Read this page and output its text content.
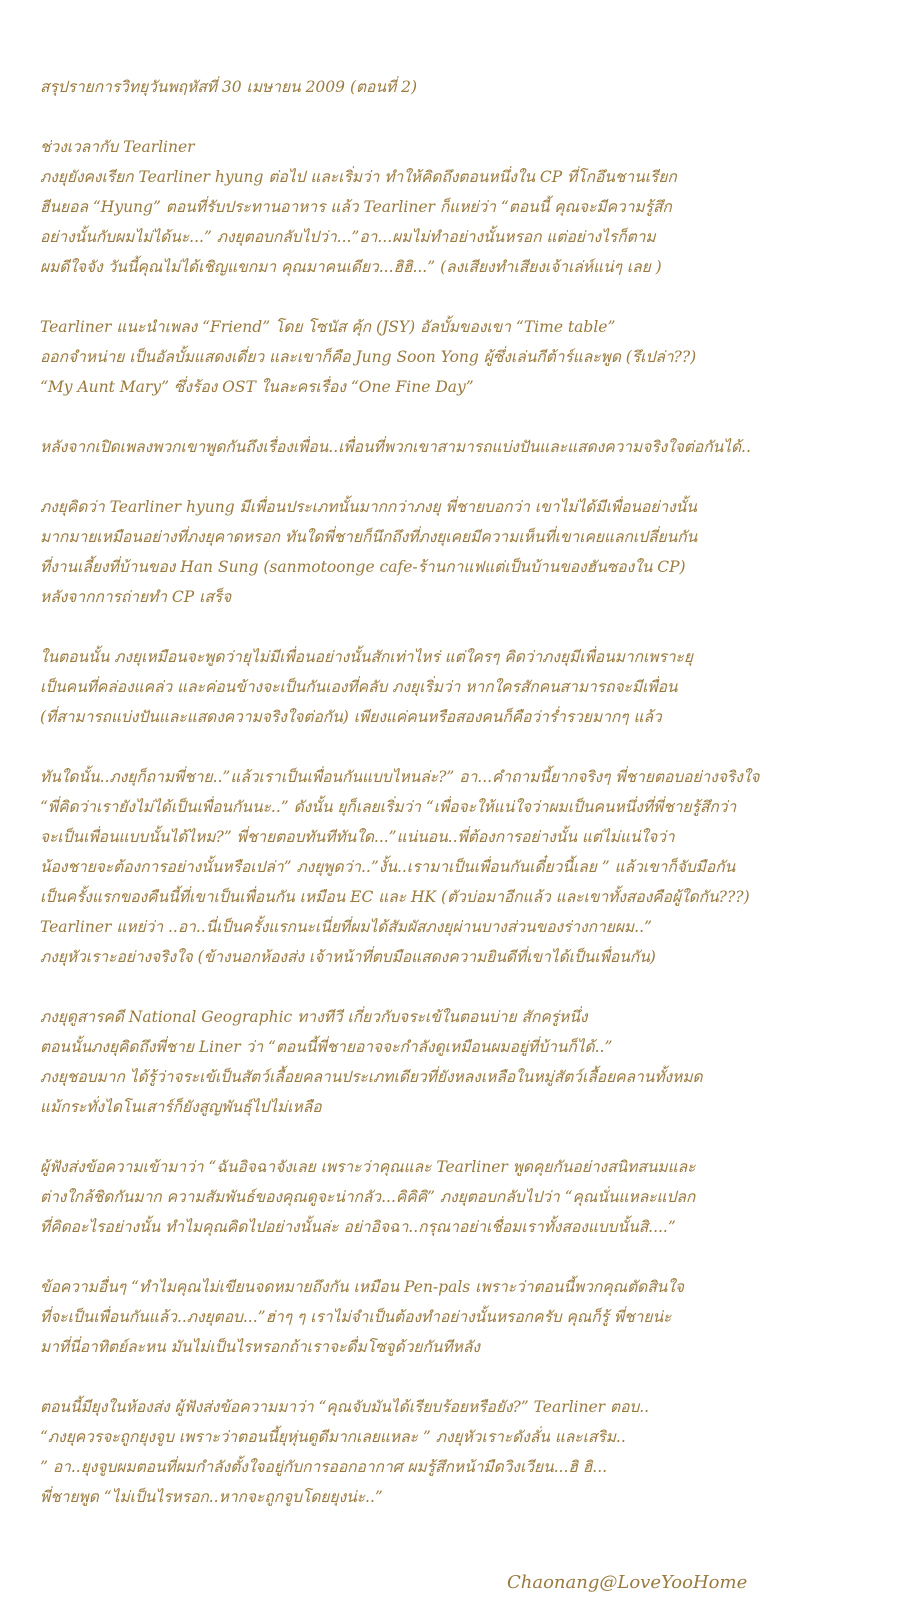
สรุปรายการวิทยุวันพฤหัสที่ 30 เมษายน 2009 (ตอนที่ 2)
ช่วงเวลากับ Tearliner
ภงยุยังคงเรียก Tearliner hyung ต่อไป และเริ่มว่า ทำให้คิดถึงตอนหนึ่งใน CP ที่โกอึนชานเรียก
ฮีนยอล “Hyung” ตอนที่รับประทานอาหาร แล้ว Tearliner ก็แหย่ว่า “ตอนนี้ คุณจะมีความรู้สึก
อย่างนั้นกับผมไม่ได้นะ...” ภงยุตอบกลับไปว่า...”อา...ผมไม่ทำอย่างนั้นหรอก แต่อย่างไรก็ตาม
ผมดีใจจัง วันนี้คุณไม่ได้เชิญแขกมา คุณมาคนเดียว...ฮิฮิ...” (ลงเสียงทำเสียงเจ้าเล่ห์แน่ๆ เลย )
Tearliner แนะนำเพลง “Friend” โดย โซนัส คุ้ก (JSY) อัลบั้มของเขา “Time table”
ออกจำหน่าย เป็นอัลบั้มแสดงเดี่ยว และเขาก็คือ Jung Soon Yong ผู้ซึ่งเล่นกีต้าร์และพูด (รึเปล่า??)
“My Aunt Mary” ซึ่งร้อง OST ในละครเรื่อง “One Fine Day”
หลังจากเปิดเพลงพวกเขาพูดกันถึงเรื่องเพื่อน..เพื่อนที่พวกเขาสามารถแบ่งปันและแสดงความจริงใจต่อกันได้..
ภงยุคิดว่า Tearliner hyung มีเพื่อนประเภทนั้นมากกว่าภงยุ พี่ชายบอกว่า เขาไม่ได้มีเพื่อนอย่างนั้น
มากมายเหมือนอย่างที่ภงยุคาดหรอก ทันใดพี่ชายก็นึกถึงที่ภงยุเคยมีความเห็นที่เขาเคยแลกเปลี่ยนกัน
ที่งานเลี้ยงที่บ้านของ Han Sung (sanmotoonge cafe-ร้านกาแฟแต่เป็นบ้านของฮันซองใน CP)
หลังจากการถ่ายทำ CP เสร็จ
ในตอนนั้น ภงยุเหมือนจะพูดว่ายุไม่มีเพื่อนอย่างนั้นสักเท่าไหร่ แต่ใครๆ คิดว่าภงยุมีเพื่อนมากเพราะยุ
เป็นคนที่คล่องแคล่ว และค่อนข้างจะเป็นกันเองที่คลับ ภงยุเริ่มว่า หากใครสักคนสามารถจะมีเพื่อน
(ที่สามารถแบ่งปันและแสดงความจริงใจต่อกัน) เพียงแค่คนหรือสองคนก็คือว่าร่ำรวยมากๆ แล้ว
ทันใดนั้น..ภงยุก็ถามพี่ชาย..”แล้วเราเป็นเพื่อนกันแบบไหนล่ะ?” อา...คำถามนี้ยากจริงๆ พี่ชายตอบอย่างจริงใจ
“พี่คิดว่าเรายังไม่ได้เป็นเพื่อนกันนะ..” ดังนั้น ยุก็เลยเริ่มว่า “เพื่อจะให้แน่ใจว่าผมเป็นคนหนึ่งที่พี่ชายรู้สึกว่า
จะเป็นเพื่อนแบบนั้นได้ไหม?” พี่ชายตอบทันทีทันใด...”แน่นอน..พี่ต้องการอย่างนั้น แต่ไม่แน่ใจว่า
น้องชายจะต้องการอย่างนั้นหรือเปล่า” ภงยุพูดว่า..”งั้น..เรามาเป็นเพื่อนกันเดี๋ยวนี้เลย ” แล้วเขาก็จับมือกัน
เป็นครั้งแรกของคืนนี้ที่เขาเป็นเพื่อนกัน เหมือน EC และ HK (ตัวบ่อมาอีกแล้ว และเขาทั้งสองคือผู้ใดกัน???)
Tearliner แหย่ว่า ..อา..นี่เป็นครั้งแรกนะเนี่ยที่ผมได้สัมผัสภงยุผ่านบางส่วนของร่างกายผม..”
ภงยุหัวเราะอย่างจริงใจ (ข้างนอกห้องส่ง เจ้าหน้าที่ตบมือแสดงความยินดีที่เขาได้เป็นเพื่อนกัน)
ภงยุดูสารคดี National Geographic ทางทีวี เกี่ยวกับจระเข้ในตอนบ่าย สักครู่หนึ่ง
ตอนนั้นภงยุคิดถึงพี่ชาย Liner ว่า “ตอนนี้พี่ชายอาจจะกำลังดูเหมือนผมอยู่ที่บ้านก็ได้..”
ภงยุชอบมาก ได้รู้ว่าจระเข้เป็นสัตว์เลื้อยคลานประเภทเดียวที่ยังหลงเหลือในหมู่สัตว์เลื้อยคลานทั้งหมด
แม้กระทั่งไดโนเสาร์ก็ยังสูญพันธุ์ไปไม่เหลือ
ผู้ฟังส่งข้อความเข้ามาว่า “ฉันอิจฉาจังเลย เพราะว่าคุณและ Tearliner พูดคุยกันอย่างสนิทสนมและ
ต่างใกล้ชิดกันมาก ความสัมพันธ์ของคุณดูจะน่ากลัว...คิคิคิ” ภงยุตอบกลับไปว่า “คุณนั่นแหละแปลก
ที่คิดอะไรอย่างนั้น ทำไมคุณคิดไปอย่างนั้นล่ะ อย่าอิจฉา..กรุณาอย่าเชื่อมเราทั้งสองแบบนั้นสิ....”
ข้อความอื่นๆ “ทำไมคุณไม่เขียนจดหมายถึงกัน เหมือน Pen-pals เพราะว่าตอนนี้พวกคุณตัดสินใจ
ที่จะเป็นเพื่อนกันแล้ว..ภงยุตอบ...”ฮ่าๆ ๆ เราไม่จำเป็นต้องทำอย่างนั้นหรอกครับ คุณก็รู้ พี่ชายน่ะ
มาที่นี่อาทิตย์ละหน มันไม่เป็นไรหรอกถ้าเราจะดื่มโซจูด้วยกันทีหลัง
ตอนนี้มียุงในห้องส่ง ผู้ฟังส่งข้อความมาว่า “คุณจับมันได้เรียบร้อยหรือยัง?” Tearliner ตอบ..
“ภงยุควรจะถูกยุงจูบ เพราะว่าตอนนี้ยุหุ่นดูดีมากเลยแหละ ” ภงยุหัวเราะดังลั่น และเสริม..
” อา..ยุงจูบผมตอนที่ผมกำลังตั้งใจอยู่กับการออกอากาศ ผมรู้สึกหน้ามืดวิงเวียน...ฮิ ฮิ...
พี่ชายพูด “ไม่เป็นไรหรอก..หากจะถูกจูบโดยยุงน่ะ..”
Chaonang@LoveYooHome
